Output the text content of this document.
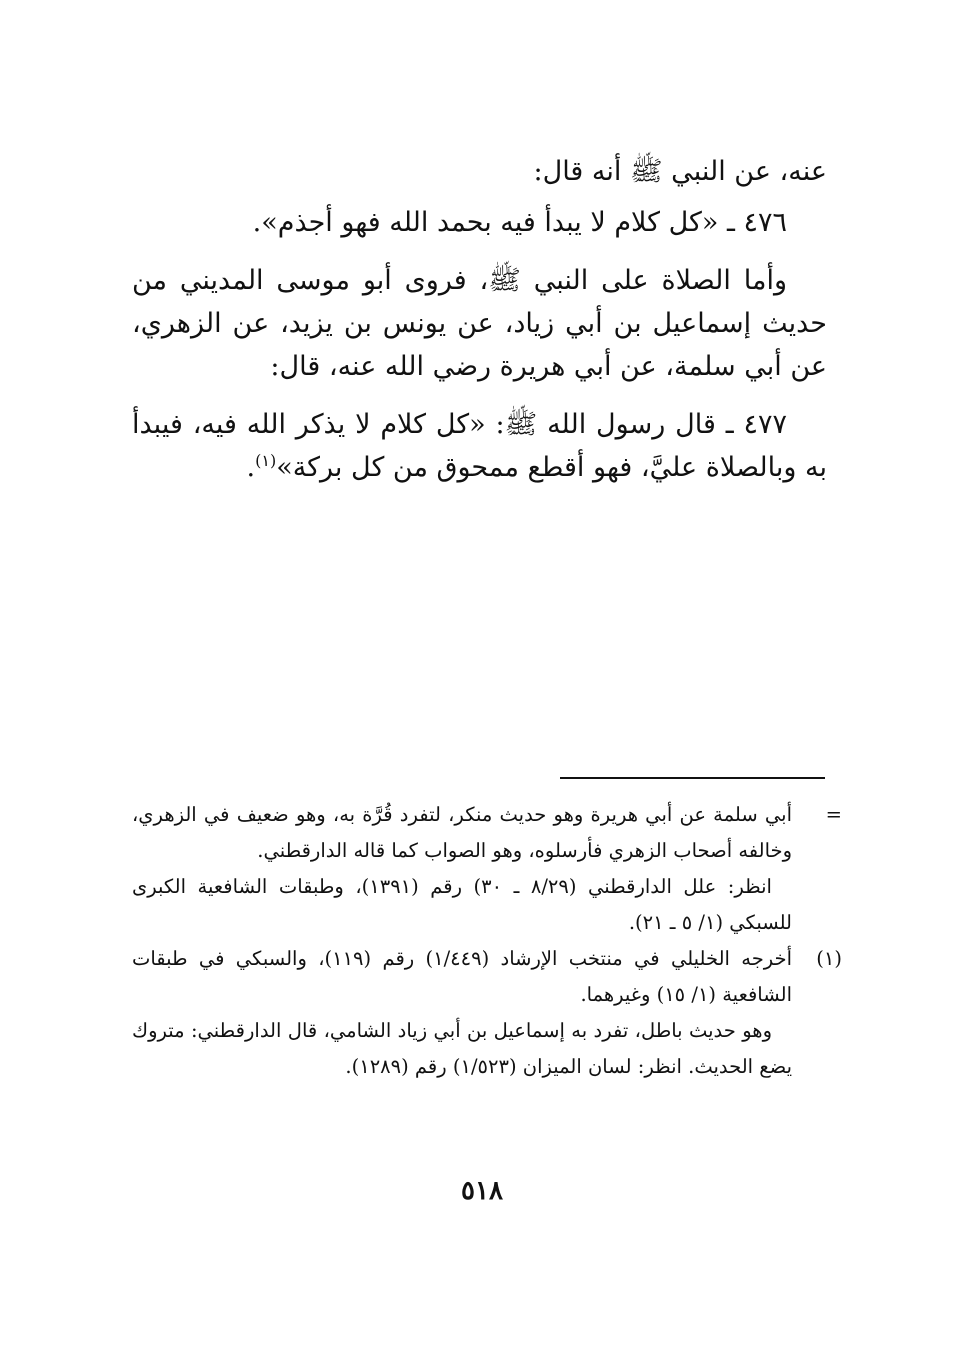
عنه، عن النبي ﷺ أنه قال:

٤٧٦ ـ «كل كلام لا يبدأ فيه بحمد الله فهو أجذم».

وأما الصلاة على النبي ﷺ، فروى أبو موسى المديني من حديث إسماعيل بن أبي زياد، عن يونس بن يزيد، عن الزهري، عن أبي سلمة، عن أبي هريرة رضي الله عنه، قال:

٤٧٧ ـ قال رسول الله ﷺ: «كل كلام لا يذكر الله فيه، فيبدأ به وبالصلاة عليَّ، فهو أقطع ممحوق من كل بركة»$^{(١)}$.

=

أبي سلمة عن أبي هريرة وهو حديث منكر، لتفرد قُرَّة به، وهو ضعيف في الزهري، وخالفه أصحاب الزهري فأرسلوه، وهو الصواب كما قاله الدارقطني.

انظر: علل الدارقطني (٨/٢٩ ـ ٣٠) رقم (١٣٩١)، وطبقات الشافعية الكبرى للسبكي (١/ ٥ ـ ٢١).

(١)

أخرجه الخليلي في منتخب الإرشاد (١/٤٤٩) رقم (١١٩)، والسبكي في طبقات الشافعية (١/ ١٥) وغيرهما.

وهو حديث باطل، تفرد به إسماعيل بن أبي زياد الشامي، قال الدارقطني: متروك يضع الحديث. انظر: لسان الميزان (١/٥٢٣) رقم (١٢٨٩).

٥١٨
